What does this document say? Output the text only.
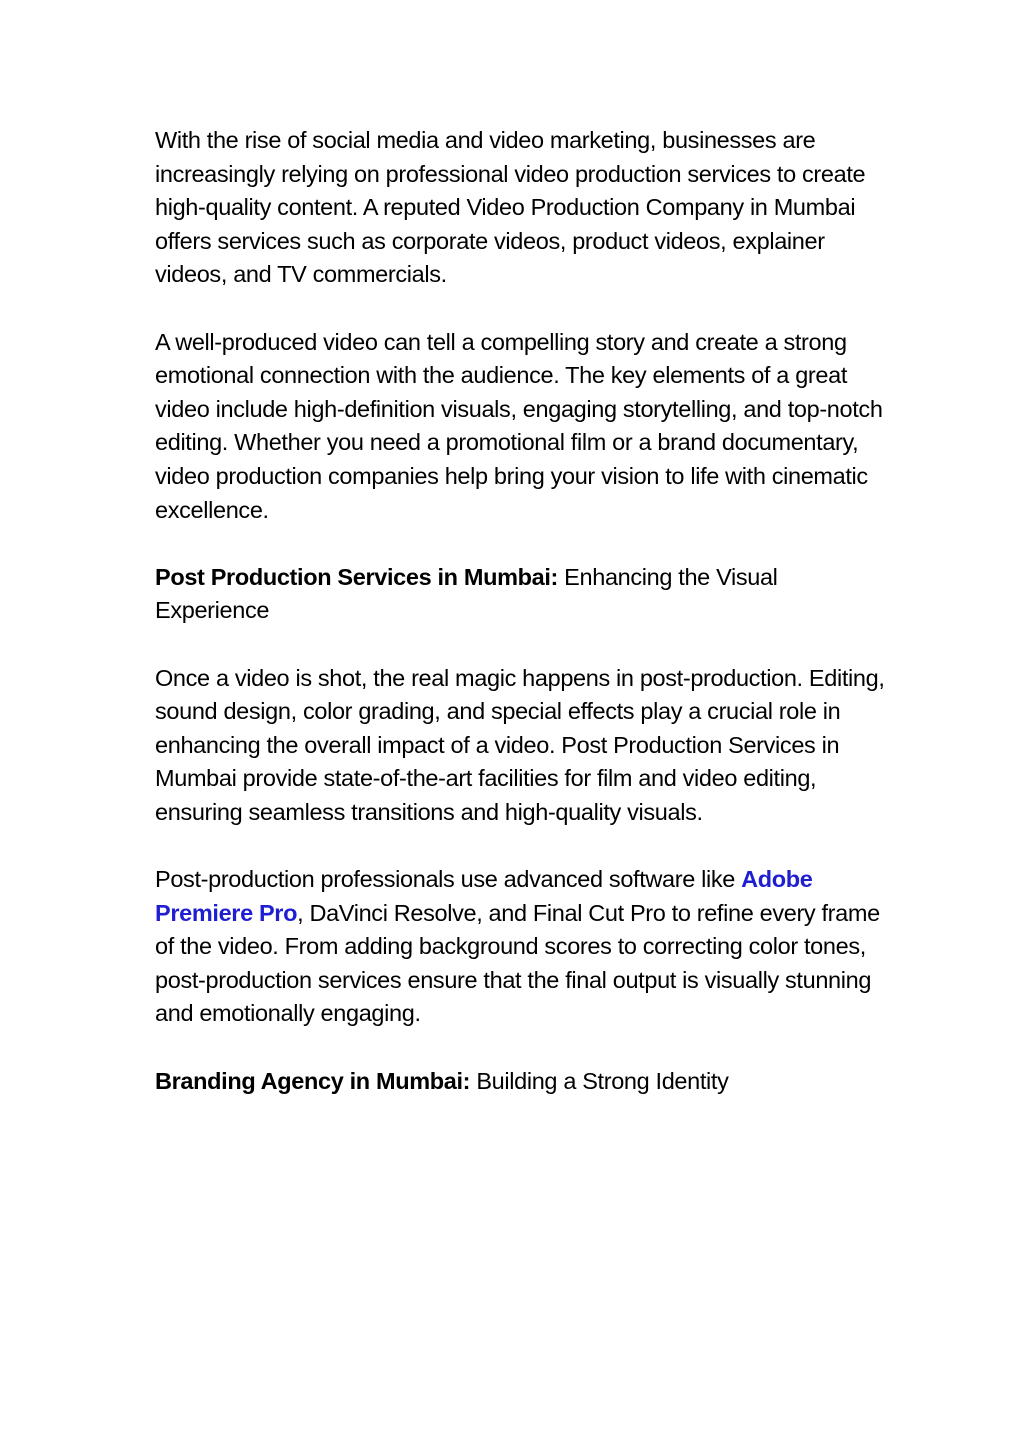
With the rise of social media and video marketing, businesses are increasingly relying on professional video production services to create high-quality content. A reputed Video Production Company in Mumbai offers services such as corporate videos, product videos, explainer videos, and TV commercials.

A well-produced video can tell a compelling story and create a strong emotional connection with the audience. The key elements of a great video include high-definition visuals, engaging storytelling, and top-notch editing. Whether you need a promotional film or a brand documentary, video production companies help bring your vision to life with cinematic excellence.

Post Production Services in Mumbai: Enhancing the Visual Experience

Once a video is shot, the real magic happens in post-production. Editing, sound design, color grading, and special effects play a crucial role in enhancing the overall impact of a video. Post Production Services in Mumbai provide state-of-the-art facilities for film and video editing, ensuring seamless transitions and high-quality visuals.

Post-production professionals use advanced software like Adobe Premiere Pro, DaVinci Resolve, and Final Cut Pro to refine every frame of the video. From adding background scores to correcting color tones, post-production services ensure that the final output is visually stunning and emotionally engaging.

Branding Agency in Mumbai: Building a Strong Identity
